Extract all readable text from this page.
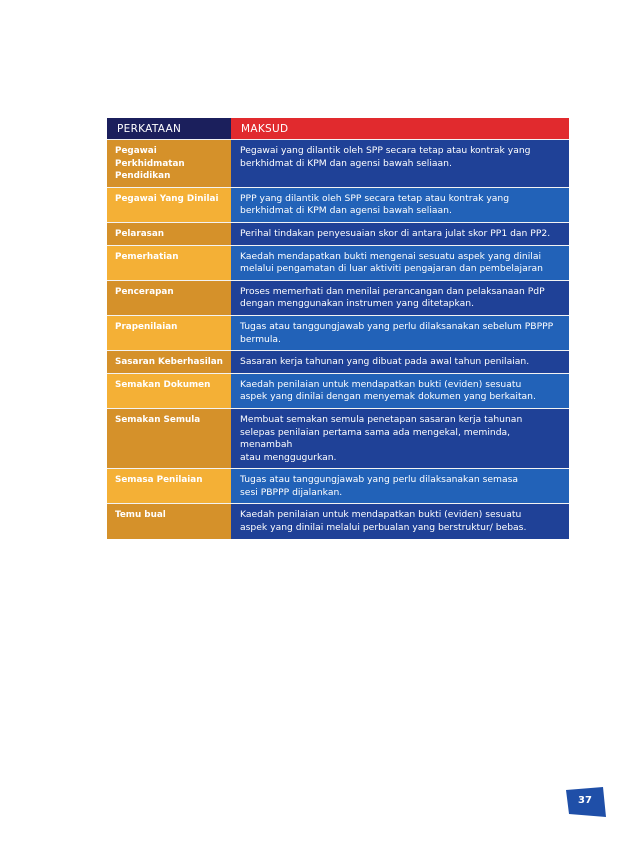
PERKATAAN	MAKSUD
Pegawai
Perkhidmatan
Pendidikan	Pegawai yang dilantik oleh SPP secara tetap atau kontrak yang
berkhidmat di KPM dan agensi bawah seliaan.
Pegawai Yang Dinilai	PPP yang dilantik oleh SPP secara tetap atau kontrak yang
berkhidmat di KPM dan agensi bawah seliaan.
Pelarasan	Perihal tindakan penyesuaian skor di antara julat skor PP1 dan PP2.
Pemerhatian	Kaedah mendapatkan bukti mengenai sesuatu aspek yang dinilai
melalui pengamatan di luar aktiviti pengajaran dan pembelajaran
Pencerapan	Proses memerhati dan menilai perancangan dan pelaksanaan PdP
dengan menggunakan instrumen yang ditetapkan.
Prapenilaian	Tugas atau tanggungjawab yang perlu dilaksanakan sebelum PBPPP
bermula.
Sasaran Keberhasilan	Sasaran kerja tahunan yang dibuat pada awal tahun penilaian.
Semakan Dokumen	Kaedah penilaian untuk mendapatkan bukti (eviden) sesuatu
aspek yang dinilai dengan menyemak dokumen yang berkaitan.
Semakan Semula	Membuat semakan semula penetapan sasaran kerja tahunan
selepas penilaian pertama sama ada mengekal, meminda, menambah
atau menggugurkan.
Semasa Penilaian	Tugas atau tanggungjawab yang perlu dilaksanakan semasa
sesi PBPPP dijalankan.
Temu bual	Kaedah penilaian untuk mendapatkan bukti (eviden) sesuatu
aspek yang dinilai melalui perbualan yang berstruktur/ bebas.
37
